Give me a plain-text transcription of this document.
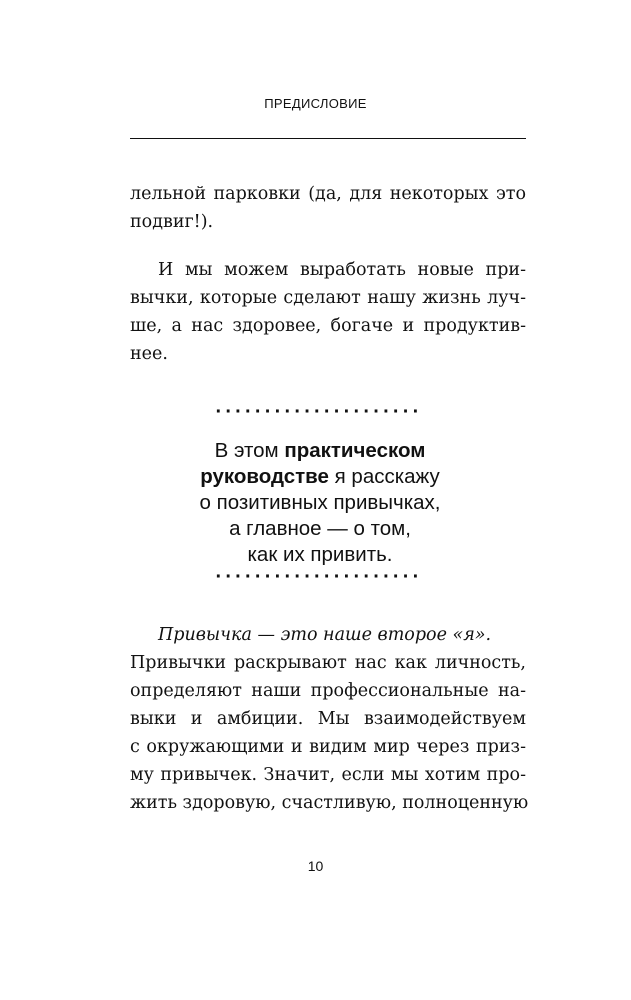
ПРЕДИСЛОВИЕ
лельной парковки (да, для некоторых это
подвиг!).
И мы можем выработать новые при-
вычки, которые сделают нашу жизнь луч-
ше, а нас здоровее, богаче и продуктив-
нее.
·····················
В этом практическом
руководстве я расскажу
о позитивных привычках,
а главное — о том,
как их привить.
·····················
Привычка — это наше второе «я».
Привычки раскрывают нас как личность,
определяют наши профессиональные на-
выки и амбиции. Мы взаимодействуем
с окружающими и видим мир через приз-
му привычек. Значит, если мы хотим про-
жить здоровую, счастливую, полноценную
10
